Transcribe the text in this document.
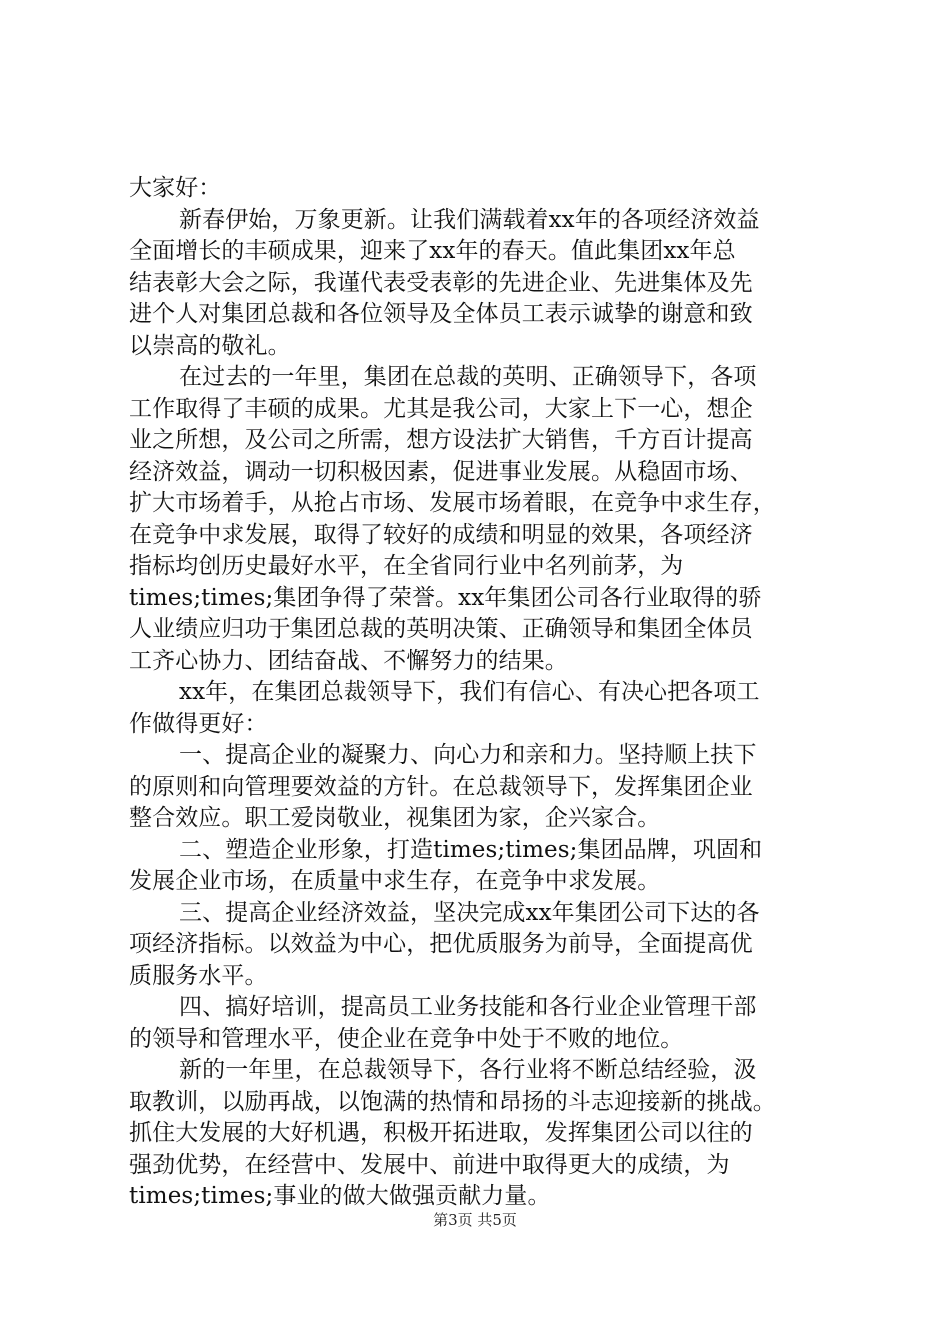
大家好：
新春伊始，万象更新。让我们满载着xx年的各项经济效益
全面增长的丰硕成果，迎来了xx年的春天。值此集团xx年总
结表彰大会之际，我谨代表受表彰的先进企业、先进集体及先
进个人对集团总裁和各位领导及全体员工表示诚挚的谢意和致
以崇高的敬礼。
在过去的一年里，集团在总裁的英明、正确领导下，各项
工作取得了丰硕的成果。尤其是我公司，大家上下一心，想企
业之所想，及公司之所需，想方设法扩大销售，千方百计提高
经济效益，调动一切积极因素，促进事业发展。从稳固市场、
扩大市场着手，从抢占市场、发展市场着眼，在竞争中求生存，
在竞争中求发展，取得了较好的成绩和明显的效果，各项经济
指标均创历史最好水平，在全省同行业中名列前茅，为
times;times;集团争得了荣誉。xx年集团公司各行业取得的骄
人业绩应归功于集团总裁的英明决策、正确领导和集团全体员
工齐心协力、团结奋战、不懈努力的结果。
xx年，在集团总裁领导下，我们有信心、有决心把各项工
作做得更好：
一、提高企业的凝聚力、向心力和亲和力。坚持顺上扶下
的原则和向管理要效益的方针。在总裁领导下，发挥集团企业
整合效应。职工爱岗敬业，视集团为家，企兴家合。
二、塑造企业形象，打造times;times;集团品牌，巩固和
发展企业市场，在质量中求生存，在竞争中求发展。
三、提高企业经济效益，坚决完成xx年集团公司下达的各
项经济指标。以效益为中心，把优质服务为前导，全面提高优
质服务水平。
四、搞好培训，提高员工业务技能和各行业企业管理干部
的领导和管理水平，使企业在竞争中处于不败的地位。
新的一年里，在总裁领导下，各行业将不断总结经验，汲
取教训，以励再战，以饱满的热情和昂扬的斗志迎接新的挑战。
抓住大发展的大好机遇，积极开拓进取，发挥集团公司以往的
强劲优势，在经营中、发展中、前进中取得更大的成绩，为
times;times;事业的做大做强贡献力量。
第3页 共5页
